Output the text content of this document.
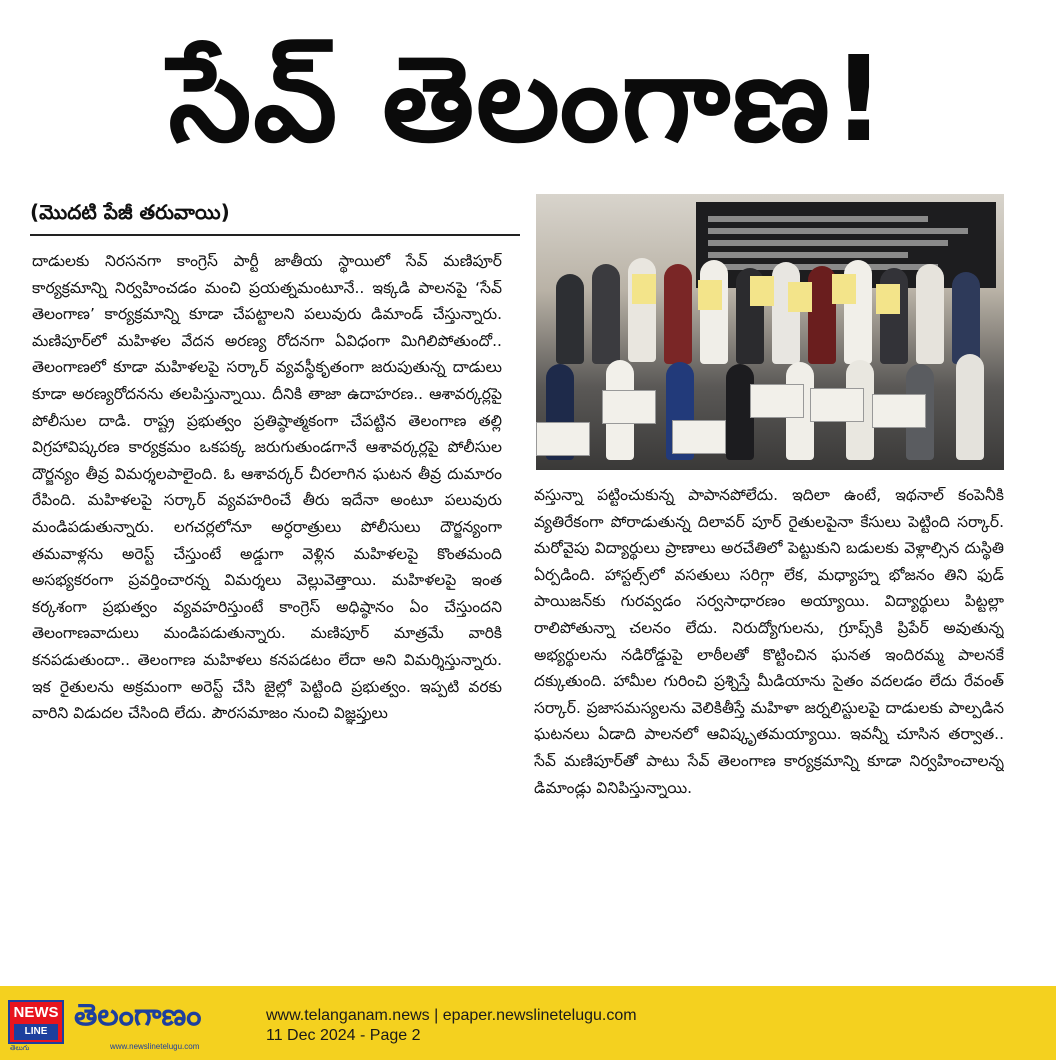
సేవ్ తెలంగాణ!
(మొదటి పేజీ తరువాయి)
దాడులకు నిరసనగా కాంగ్రెస్ పార్టీ జాతీయ స్థాయిలో సేవ్ మణిపూర్ కార్యక్రమాన్ని నిర్వహించడం మంచి ప్రయత్నమంటూనే.. ఇక్కడి పాలనపై ‘సేవ్ తెలంగాణ’ కార్యక్రమాన్ని కూడా చేపట్టాలని పలువురు డిమాండ్ చేస్తున్నారు. మణిపూర్‌లో మహిళల వేదన అరణ్య రోదనగా ఏవిధంగా మిగిలిపోతుందో.. తెలంగాణలో కూడా మహిళలపై సర్కార్ వ్యవస్థీకృతంగా జరుపుతున్న దాడులు కూడా అరణ్యరోదనను తలపిస్తున్నాయి. దీనికి తాజా ఉదాహరణ.. ఆశావర్కర్లపై పోలీసుల దాడి. రాష్ట్ర ప్రభుత్వం ప్రతిష్ఠాత్మకంగా చేపట్టిన తెలంగాణ తల్లి విగ్రహావిష్కరణ కార్యక్రమం ఒకపక్క జరుగుతుండగానే ఆశావర్కర్లపై పోలీసుల దౌర్జన్యం తీవ్ర విమర్శలపాలైంది. ఓ ఆశావర్కర్ చీరలాగిన ఘటన తీవ్ర దుమారం రేపింది. మహిళలపై సర్కార్ వ్యవహరించే తీరు ఇదేనా అంటూ పలువురు మండిపడుతున్నారు. లగచర్లలోనూ అర్ధరాత్రులు పోలీసులు దౌర్జన్యంగా తమవాళ్లను అరెస్ట్ చేస్తుంటే అడ్డుగా వెళ్లిన మహిళలపై కొంతమంది అసభ్యకరంగా ప్రవర్తించారన్న విమర్శలు వెల్లువెత్తాయి. మహిళలపై ఇంత కర్కశంగా ప్రభుత్వం వ్యవహరిస్తుంటే కాంగ్రెస్ అధిష్ఠానం ఏం చేస్తుందని తెలంగాణవాదులు మండిపడుతున్నారు. మణిపూర్ మాత్రమే వారికి కనపడుతుందా.. తెలంగాణ మహిళలు కనపడటం లేదా అని విమర్శిస్తున్నారు. ఇక రైతులను అక్రమంగా అరెస్ట్ చేసి జైల్లో పెట్టింది ప్రభుత్వం. ఇప్పటి వరకు వారిని విడుదల చేసింది లేదు. పౌరసమాజం నుంచి విజ్ఞప్తులు
వస్తున్నా పట్టించుకున్న పాపానపోలేదు. ఇదిలా ఉంటే, ఇథనాల్ కంపెనీకి వ్యతిరేకంగా పోరాడుతున్న దిలావర్ పూర్ రైతులపైనా కేసులు పెట్టింది సర్కార్. మరోవైపు విద్యార్థులు ప్రాణాలు అరచేతిలో పెట్టుకుని బడులకు వెళ్లాల్సిన దుస్థితి ఏర్పడింది. హాస్టల్స్‌లో వసతులు సరిగ్గా లేక, మధ్యాహ్న భోజనం తిని ఫుడ్ పాయిజన్‌కు గురవ్వడం సర్వసాధారణం అయ్యాయి. విద్యార్థులు పిట్టల్లా రాలిపోతున్నా చలనం లేదు. నిరుద్యోగులను, గ్రూప్స్‌కి ప్రిపేర్ అవుతున్న అభ్యర్థులను నడిరోడ్డుపై లాఠీలతో కొట్టించిన ఘనత ఇందిరమ్మ పాలనకే దక్కుతుంది. హామీల గురించి ప్రశ్నిస్తే మీడియాను సైతం వదలడం లేదు రేవంత్ సర్కార్. ప్రజాసమస్యలను వెలికితీస్తే మహిళా జర్నలిస్టులపై దాడులకు పాల్పడిన ఘటనలు ఏడాది పాలనలో ఆవిష్కృతమయ్యాయి. ఇవన్నీ చూసిన తర్వాత.. సేవ్ మణిపూర్‌తో పాటు సేవ్ తెలంగాణ కార్యక్రమాన్ని కూడా నిర్వహించాలన్న డిమాండ్లు వినిపిస్తున్నాయి.
NEWS
LINE
తెలుగు
తెలంగాణం
www.newslinetelugu.com
www.telanganam.news | epaper.newslinetelugu.com
11 Dec 2024 - Page 2
